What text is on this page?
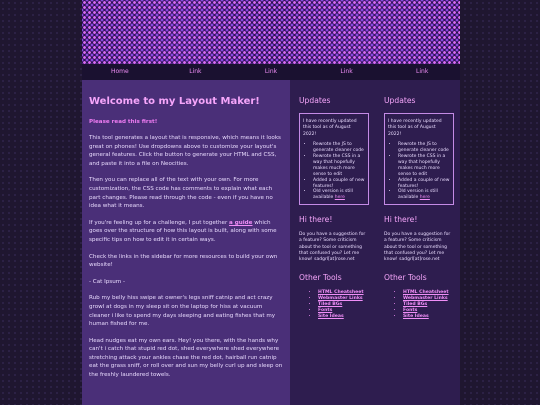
Home	Link	Link	Link	Link
Welcome to my Layout Maker!
Please read this first!

This tool generates a layout that is responsive, which means it looks great on phones! Use dropdowns above to customize your layout's general features. Click the button to generate your HTML and CSS, and paste it into a file on Neocities.

Then you can replace all of the text with your own. For more customization, the CSS code has comments to explain what each part changes. Please read through the code - even if you have no idea what it means.

If you're feeling up for a challenge, I put together a guide which goes over the structure of how this layout is built, along with some specific tips on how to edit it in certain ways.

Check the links in the sidebar for more resources to build your own website!

- Cat Ipsum -

Rub my belly hiss swipe at owner's legs sniff catnip and act crazy growl at dogs in my sleep sit on the laptop for hiss at vacuum cleaner i like to spend my days sleeping and eating fishes that my human fished for me.

Head nudges eat my own ears. Hey! you there, with the hands why can't i catch that stupid red dot, shed everywhere shed everywhere stretching attack your ankles chase the red dot, hairball run catnip eat the grass sniff, or roll over and sun my belly curl up and sleep on the freshly laundered towels.

Updates

I have recently updated this tool as of August 2022!

• Rewrote the JS to generate cleaner code
• Rewrote the CSS in a way that hopefully makes much more sense to edit
• Added a couple of new features!
• Old version is still available here
Hi there!
Do you have a suggestion for a feature? Some criticism about the tool or something that confused you? Let me know! sadgrl[at]rose.net
Other Tools
• HTML Cheatsheet
• Webmaster Links
• Tiled BGs
• Fonts
• Site Ideas
Updates

I have recently updated this tool as of August 2022!

• Rewrote the JS to generate cleaner code
• Rewrote the CSS in a way that hopefully makes much more sense to edit
• Added a couple of new features!
• Old version is still available here
Hi there!
Do you have a suggestion for a feature? Some criticism about the tool or something that confused you? Let me know! sadgrl[at]rose.net
Other Tools
• HTML Cheatsheet
• Webmaster Links
• Tiled BGs
• Fonts
• Site Ideas
